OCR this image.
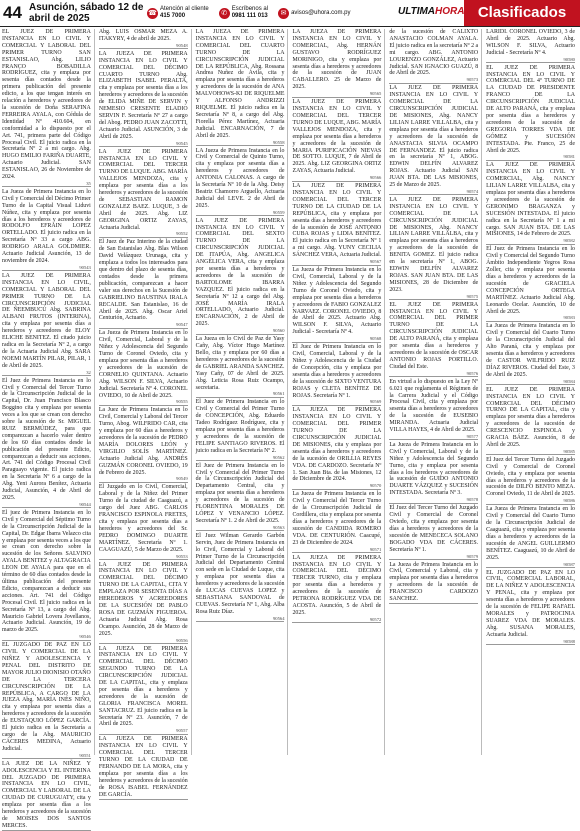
44 Asunción, sábado 12 de abril de 2025	☎
Atención al cliente
415 7000	✆
Escríbenos al
0981 111 013	✉ avisos@uhora.com.py	ULTIMAHORA Clasificados
EL JUEZ DE PRIMERA INSTANCIA EN LO CIVIL Y COMERCIAL Y LABORAL DEL PRIMER TURNO SAN ESTANISLAO, Abg. LILIO FRANCO BOBADILLA RODRÍGUEZ, cita y emplaza por sesenta días contados desde la primera publicación del presente edicto, a los que tengan interés en relación a herederos y acreedores de la sucesión de Doña SERAFINA FERREIRA AYALA, con Cédula de Identidad Nº 410.604, en conformidad a lo dispuesto por el Art. 741, primera parte del Código Procesal Civil. El juicio radica en la Secretaría Nº 2 a mi cargo. Abg. HUGO EMILIO FARIÑA DUARTE, Actuario Judicial. SAN ESTANISLAO, 26 de Noviembre de 2024.
35
La Jueza de Primera Instancia en lo Civil y Comercial del Décimo Primer Turno de la Capital Visual Liduvi Núñez, cita y emplaza por sesenta días a los herederos y acreedores de RODOLFO EFRAIN LOPEZ ORTELLADO. El juicio radica en la Secretaría Nº 33 a cargo ABG. RODRIGO ARALA GOLDMIER. Actuario Judicial Asunción, 13 de noviembre de 2024.
90543
LA JUEZ DE PRIMERA INSTANCIA EN LO CIVIL, COMERCIAL Y LABORAL DEL PRIMER TURNO DE LA CIRCUNSCRIPCIÓN JUDICIAL DE ÑEEMBUCÚ Abg. SABRINA ALBANI FRUTOS (INTERINA), cita y emplaza por sesenta días a herederos y acreedores de ELOY ELICHE BENITEZ. El citado juicio radica en la Secretaría Nº 2, a cargo de la Actuaria Judicial Abg. SARA NOEMI MARTÍN PILAR, PILAR, 1 de Abril de 2025.
32
El Juez de Primera Instancia en lo Civil y Comercial del Tercer Turno de la Circunscripción Judicial de la Capital, Dr. Juan Francisco Blasco Boggino cita y emplaza por sesenta veces a los que se crean con derecho sobre la sucesión de Sr. MIGUEL RUIZ BERMÚDEZ, para que comparezcan a hacerlo valer dentro de los 60 días contados desde la publicación del presente Edicto, comparezcan a deducir sus acciones. Art. 741 del Código Procesal Civil Paraguayo vigente. El juicio radica en la Secretaría Nº 6 a cargo de la Abg. Yeni Aurora Benítez, Actuaria Judicial, Asunción, 4 de Abril de 2025.
90544
El juez de Primera Instancia en lo Civil y Comercial del Séptimo Turno de la Circunscripción Judicial de la Capital, Dr. Edgar Ibarra Velazco cita y emplaza por sesenta veces a los que se crean con derecho sobre la sucesión de los Señores SALVINO AYALA BENITEZ y ALTAGRACIA LEON DE AYALA para que en el término de 60 días contados desde la última publicación del presente Edicto, comparezcan a deducir sus acciones. Art. 741 del Código Procesal Civil. El juicio radica en la Secretaría Nº 13, a cargo del Abg. Mauricio Gabriel Lovera Jovellanos, Actuario Judicial. Asunción, 19 de marzo de 2025.
90546
EL JUZGADO DE PAZ EN LO CIVIL Y COMERCIAL DE LA NIÑEZ Y ADOLESCENCIA Y PENAL DEL DISTRITO DE MAYOR JULIO DIONISIO OTAÑO DE LA TERCERA CIRCUNSCRIPCIÓN DE LA REPÚBLICA, A CARGO DE LA JUEZA Abg. MARÍA INÉS NIÑO, cita y emplaza por sesenta días a herederos y acreedores de la sucesión de EUSTAQUIO LÓPEZ GARCÍA. El juicio radica en la Secretaría a cargo de la Abg. MAURICIO CÁCERES MEDINA, Actuario Judicial.
90551
LA JUEZ DE LA NIÑEZ Y ADOLESCENCIA Y EL INTERINA DEL JUZGADO DE PRIMERA INSTANCIA EN LO CIVIL, COMERCIAL Y LABORAL DE LA CIUDAD DE CURUGUATY, cita y emplaza por sesenta días a los herederos y acreedores de la sucesión de MOISES DOS SANTOS MERCES.
Abg. LUIS OSMAR MEZA A. ITAKYRY, 4 de abril de 2025.
90548
LA JUEZA DE PRIMERA INSTANCIA EN LO CIVIL Y COMERCIAL DEL DÉCIMO CUARTO TURNO Abg. ELIZABETH ISABEL PERALTA, cita y emplaza por sesenta días a los herederos y acreedores de la sucesión de ELIDA MIÑE DE SERVIN y NEMESIO CRESENTE ELADIO SERVIN F. Secretaría Nº 27 a cargo del Abog. PEDRO JUAN ZACOTTI, Actuario Judicial. ASUNCIÓN, 3 de Abril de 2025.
90545
LA JUEZ DE PRIMERA INSTANCIA EN LO CIVIL Y COMERCIAL DEL TERCER TURNO DE LUQUE. ABG. MARÍA VALLEJOS MENDOZA, cita y emplaza por sesenta días a los herederos y acreedores de la sucesión de SEBASTIAN RAMON GONZALEZ BAEZ. LUQUE, 3 de Abril de 2025. Abg. LIZ GEORGINA ORTIZ ZAYAS, Actuaria Judicial.
90552
El Juez de Paz Interino de la ciudad de San Estanislao Abg. Blas Wilson David Velázquez Urunaga, cita y emplaza a todos los interesados para que dentro del plazo de sesenta días, contados desde la primera publicación, comparezcan a hacer valer sus derechos en la Sucesión de GABRIELINO BAUSTINA IRALA RECALDE. San Estanislao, 16 de Abril de 2025. Abg. Oscar Ariel Centurión, Actuario.
90547
La Jueza de Primera Instancia en lo Civil, Comercial, Laboral y de la Niñez y Adolescencia del Segundo Turno de Coronel Oviedo, cita y emplaza por sesenta días a herederos y acreedores de la sucesión de CORNELIO QUINTANA. Actuario Abg. WILSON F. SILVA, Actuario Judicial. Secretaría Nº 4. CORONEL OVIEDO, 10 de Abril de 2025.
90555
La Juez de Primera Instancia en lo Civil, Comercial y Laboral del Tercer Turno, Abog. WILFRIDO CAR, cita y emplaza por 60 días a herederos y acreedores de la sucesión de PEDRO MARÍA DOLORES LEÓN y VIRGILIO SOLÍS MARTÍNEZ. Actuario Judicial Abg. ANDRÉS GUZMÁN CORONEL OVIEDO, 19 de Febrero de 2025.
90549
El Juzgado en lo Civil, Comercial, Laboral y de la Niñez del Primer Turno de la ciudad de Caaguazú, a cargo del Juez ABG. CARLOS FRANCISCO ESPINOLA FRETES, cita y emplaza por sesenta días a herederos y acreedores del Sr. PEDRO DOMINGO DUARTE MARTÍNEZ. Secretaría Nº 1. CAAGUAZÚ, 5 de Marzo de 2025.
90553
LA JUEZ DE PRIMERA INSTANCIA EN LO CIVIL Y COMERCIAL DEL DÉCIMO TURNO DE LA CAPITAL, CITA Y EMPLAZA POR SESENTA DÍAS A HEREDEROS Y ACREEDORES DE LA SUCESIÓN DE PABLO ROSA DE GUZMÁN FIGUEROA. Actuaria Judicial Abg. Rosa Ocampo. Asunción, 28 de Marzo de 2025.
90556
LA JUEZA DE PRIMERA INSTANCIA EN LO CIVIL Y COMERCIAL DEL DÉCIMO SEGUNDO TURNO DE LA CIRCUNSCRIPCIÓN JUDICIAL DE LA CAPITAL, cita y emplaza por sesenta días a herederos y acreedores de la sucesión de GLORIA FRANCISCA MOREL SANTACRUZ. El juicio radica en la Secretaría Nº 23. Asunción, 7 de Abril de 2025.
90557
LA JUEZA DE PRIMERA INSTANCIA EN LO CIVIL Y COMERCIAL DEL TERCER TURNO DE LA CIUDAD DE FERNANDO DE LA MORA, cita y emplaza por sesenta días a los herederos y acreedores de la sucesión de ROSA ISABEL FERNÁNDEZ DE GARCÍA.
LA JUEZA DE PRIMERA INSTANCIA EN LO CIVIL Y COMERCIAL DEL CUARTO TURNO DE LA CIRCUNSCRIPCIÓN JUDICIAL DE LA REPÚBLICA, Abg. Rossana Andrea Nuñez de Ávila, cita y emplaza por sesenta días a herederos y acreedores de la sucesión de ANA MALVOHOWS-KI DE RIQUELME Y ALFONSO ANDRIZZI RIQUELME. El juicio radica en la Secretaría Nº 8, a cargo del Abg. Fiorella Pérez Martínez, Actuaria Judicial. ENCARNACIÓN, 7 de Abril de 2025.
90558
LA Jueza de Primera Instancia en lo Civil y Comercial de Quinto Turno, cita y emplaza por sesenta días a herederos y acreedores de ANTONIA CALONAS. A cargo de la Secretaría Nº 10 de la Abg. Deisy Beatriz Chamorro Arguello, Actuaria Judicial del LEVE. 2 de Abril de 2025.
90559
LA JUEZ DE PRIMERA INSTANCIA EN LO CIVIL Y COMERCIAL DEL SEXTO TURNO DE LA CIRCUNSCRIPCIÓN JUDICIAL DE ITAPÚA, Abg. ANGELICA ANGÉLICA VERA, cita y emplaza por sesenta días a herederos y acreedores de la sucesión de BARTOLOME IBARRA VAZQUEZ. El juicio radica en la Secretaría Nº 12 a cargo del Abg. JOSÉ MARÍA IRALA ORTELLADO, Actuario Judicial. ENCARNACIÓN, 2 de Abril de 2025.
90560
La Jueza en lo Civil de Paz de Yasy Cañy, Abg. Víctor Hugo Martínez Bello, cita y emplaza por 60 días a herederos y acreedores de la sucesión de GABRIEL ARANDA SANCHEZ. Yasy Cañy, 07 de Abril de 2025. Abg. Leticia Rosa Ruiz Ocampo, secretaria.
90561
El Juez de Primera Instancia en lo Civil y Comercial del Primer Turno de CONCEPCIÓN, Abg. Eduardo Tadeo Rodríguez Rodríguez, cita y emplaza por sesenta días a herederos y acreedores de la sucesión de FELIPE SANTIAGO RIVEROS. El juicio radica en la Secretaría Nº 2.
90562
El Juez de Primera Instancia en lo Civil y Comercial del Primer Turno de la Circunscripción Judicial del Departamento Central, cita y emplaza por sesenta días a herederos y acreedores de la sucesión de FLORENTINA MORALES DE LÓPEZ Y VENANCIO LÓPEZ. Secretaría Nº 1. 2 de Abril de 2025.
90563
El Juez Wilman Gerardo Garbón Servin, Juez de Primera Instancia en lo Civil, Comercial y Laboral del Primer Turno de la Circunscripción Judicial del Departamento Central con sede en la Ciudad de Luque, cita y emplaza por sesenta días a herederos y acreedores de la sucesión de LUCAS CUEVAS LOPEZ y SEBASTIANA SANDOVAL de CUEVAS. Secretaría Nº 1, Abg. Alba Rosa Ruiz Díaz.
90564
LA JUEZA DE PRIMERA INSTANCIA EN LO CIVIL Y COMERCIAL, Abg. HERNÁN GUSTAVO RODRÍGUEZ MORINIGO, cita y emplaza por sesenta días a herederos y acreedores de la sucesión de JUAN CABALLERO. 25 de Marzo de 2025.
90565
LA JUEZ DE PRIMERA INSTANCIA EN LO CIVIL Y COMERCIAL DEL TERCER TURNO DE LUQUE, ABG. MARÍA VALLEJOS MENDOZA, cita y emplaza por sesenta días a herederos y acreedores de la sucesión de MARIA PURIFICACIÓN NIEVAS DE SOTTO. LUQUE, 7 de Abril de 2025. Abg. LIZ GEORGINA ORTIZ ZAYAS, Actuaria Judicial.
90566
LA JUEZ DE PRIMERA INSTANCIA EN LO CIVIL Y COMERCIAL DEL TERCER TURNO DE LA CIUDAD DE LA REPÚBLICA, cita y emplaza por sesenta días a herederos y acreedores de la sucesión de JOSÉ ANTONIO CUBA ROJAS y LIDIA BENÍTEZ. El juicio radica en la Secretaría Nº 1 a mi cargo. Abg. YUNY CECILIA SÁNCHEZ VERA, Actuaria Judicial.
90567
La Jueza de Primera Instancia en lo Civil, Comercial, Laboral y de la Niñez y Adolescencia del Segundo Turno de Coronel Oviedo, cita y emplaza por sesenta días a herederos y acreedores de FABIO GONZALEZ NARVAEZ. CORONEL OVIEDO, 8 de Abril de 2025. Actuario Abg. WILSON F. SILVA, Actuario Judicial - Secretaría Nº 4.
90568
El Juez de Primera Instancia en lo Civil, Comercial, Laboral y de la Niñez y Adolescencia de la Ciudad de Concepción, cita y emplaza por sesenta días a herederos y acreedores de la sucesión de SIXTO VENTURA ROJAS y CLETA BENÍTEZ DE ROJAS. Secretaría Nº 1.
90569
LA JUEZA DE PRIMERA INSTANCIA EN LO CIVIL Y COMERCIAL DEL PRIMER TURNO DE LA CIRCUNSCRIPCIÓN JUDICIAL DE MISIONES, cita y emplaza por sesenta días a herederos y acreedores de la sucesión de ORILLIA REYES VDA. DE CARDOZO. Secretaría Nº 1. San Juan Bta. de las Misiones, 12 de Diciembre de 2024.
90570
La Jueza de Primera Instancia en lo Civil y Comercial del Tercer Turno de la Circunscripción Judicial de Cordillera, cita y emplaza por sesenta días a herederos y acreedores de la sucesión de CANDIDA ROMERO VDA. DE CENTURIÓN. Caacupé, 23 de Diciembre de 2024.
90571
LA JUEZA DE PRIMERA INSTANCIA EN LO CIVIL Y COMERCIAL DEL DÉCIMO TERCER TURNO, cita y emplaza por sesenta días a herederos y acreedores de la sucesión de PETRONA RODRÍGUEZ VDA DE ACOSTA. Asunción, 5 de Abril de 2025.
90572
de la sucesión de CALIXTO ANASTACIO COLMAN AYALA. El juicio radica en la secretaría Nº 2 a mi cargo. ABG. ANTONIO LOURENZO GONZÁLEZ, Actuario Judicial. SAN IGNACIO GUAZÚ, 8 de Abril de 2025.
90573
LA JUEZ DE PRIMERA INSTANCIA EN LO CIVIL Y COMERCIAL DE LA CIRCUNSCRIPCIÓN JUDICIAL DE MISIONES, Abg. NANCY LILIAN LARRE VILLALBA, cita y emplaza por sesenta días a herederos y acreedores de la sucesión de ANASTACIA SILVIA OCAMPO DE FERNANDEZ. El juicio radica en la secretaría Nº 1, ABOG. EDWIN DELFÍN ALVAREZ ROJAS. Actuario Judicial SAN JUAN BTA. DE LAS MISIONES, 25 de Marzo de 2025.
90574
LA JUEZ DE PRIMERA INSTANCIA EN LO CIVIL Y COMERCIAL DE LA CIRCUNSCRIPCIÓN JUDICIAL DE MISIONES, Abg. NANCY LILIAN LARRE VILLALBA, cita y emplaza por sesenta días a herederos y acreedores de la sucesión de BENITA GOMEZ. El juicio radica en la secretaría Nº 1, ABOG. EDWIN DELFÍN ALVAREZ ROJAS. SAN JUAN BTA. DE LAS MISIONES, 28 de Diciembre de 2023.
90575
EL JUEZ DE PRIMERA INSTANCIA EN LO CIVIL Y COMERCIAL DEL PRIMER TURNO DE LA CIRCUNSCRIPCIÓN JUDICIAL DE ALTO PARANÁ, cita y emplaza por sesenta días a herederos y acreedores de la sucesión de OSCAR ANTONIO ROJAS PORTILLO. Ciudad del Este.
90576
En virtud a lo dispuesto en la Ley Nº 6.021 que reglamenta el Régimen de la Carrera Judicial y el Código Procesal Civil, cita y emplaza por sesenta días a herederos y acreedores de la sucesión de EUSEBIO MIRANDA. Actuaria Judicial VILLA HAYES, 4 de Abril de 2025.
90577
La Jueza de Primera Instancia en lo Civil y Comercial, Laboral y de la Niñez y Adolescencia del Segundo Turno, cita y emplaza por sesenta días a los herederos y acreedores de la sucesión de GUIDO ANTONIO DUARTE VÁZQUEZ y SUCESIÓN INTESTADA. Secretaría Nº 3.
90578
El Juez del Tercer Turno del Juzgado Civil y Comercial de Coronel Oviedo, cita y emplaza por sesenta días a herederos y acreedores de la sucesión de MENECECA SOLANO BOGADO VDA DE CÁCERES. Secretaría Nº 1.
90579
La Jueza de Primera Instancia en lo Civil, Comercial y Laboral, cita y emplaza por sesenta días a herederos y acreedores de la sucesión de FRANCISCO CARDOZO SANCHEZ.
LARIDI. CORONEL OVIEDO, 3 de Abril de 2025. Actuario Abg. WILSON F. SILVA, Actuario Judicial - Secretaría Nº 4.
90580
EL JUEZ DE PRIMERA INSTANCIA EN LO CIVIL Y COMERCIAL DEL 4º TURNO DE LA CIUDAD DE PRESIDENTE FRANCO DE LA CIRCUNSCRIPCIÓN JUDICIAL DE ALTO PARANÁ, cita y emplaza por sesenta días a herederos y acreedores de la sucesión de GREGORIA TORRES VDA DE GÓMEZ y SUCESIÓN INTESTADA. Pte. Franco, 25 de Abril de 2025.
90581
LA JUEZ DE PRIMERA INSTANCIA EN LO CIVIL Y COMERCIAL, Abg. NANCY LILIAN LARRE VILLALBA, cita y emplaza por sesenta días a herederos y acreedores de la sucesión de GERONIMO BRAGANZA y SUCESIÓN INTESTADA. El juicio radica en la Secretaría Nº 1 a mi cargo. SAN JUAN BTA. DE LAS MISIONES, 14 de Febrero de 2025.
90582
El Juez de Primera Instancia en lo Civil y Comercial del Segundo Turno Ámbito Independiente Yegros Rosa Zoller, cita y emplaza por sesenta días a herederos y acreedores de la sucesión de GRACIELA CONCEPCIÓN ORTEGA MARTÍNEZ. Actuario Judicial Abg. Leonardo Ocelar. Asunción, 10 de Abril de 2025.
90583
La Jueza de Primera Instancia en lo Civil y Comercial del Cuarto Turno de la Circunscripción Judicial del Alto Paraná, cita y emplaza por sesenta días a herederos y acreedores de CASTOR WILFRIDO RUIZ DÍAZ RIVEROS. Ciudad del Este, 3 de Abril de 2025.
90584
EL JUEZ DE PRIMERA INSTANCIA EN LO CIVIL Y COMERCIAL DEL DÉCIMO TURNO DE LA CAPITAL, cita y emplaza por sesenta días a herederos y acreedores de la sucesión de CRESCENCIO ESPINOLA y GRACIA BÁEZ. Asunción, 8 de Abril de 2025.
90585
El Juez del Tercer Turno del Juzgado Civil y Comercial de Coronel Oviedo, cita y emplaza por sesenta días a herederos y acreedores de la sucesión de DILFO BENTO MEZA. Coronel Oviedo, 11 de Abril de 2025.
90586
La Jueza de Primera Instancia en lo Civil y Comercial del Cuarto Turno de la Circunscripción Judicial de Caaguazú, cita y emplaza por sesenta días a herederos y acreedores de la sucesión de ANGEL GUILLERMO BENÍTEZ. Caaguazú, 10 de Abril de 2025.
90587
EL JUZGADO DE PAZ EN LO CIVIL, COMERCIAL LABORAL, DE LA NIÑEZ Y ADOLESCENCIA Y PENAL, cita y emplaza por sesenta días a herederos y acreedores de la sucesión de FELIPE RAFAEL MORALES y PATROCINIA SUAREZ VDA DE MORALES. Abg. SUSANA MORALES, Actuaria Judicial.
90588
